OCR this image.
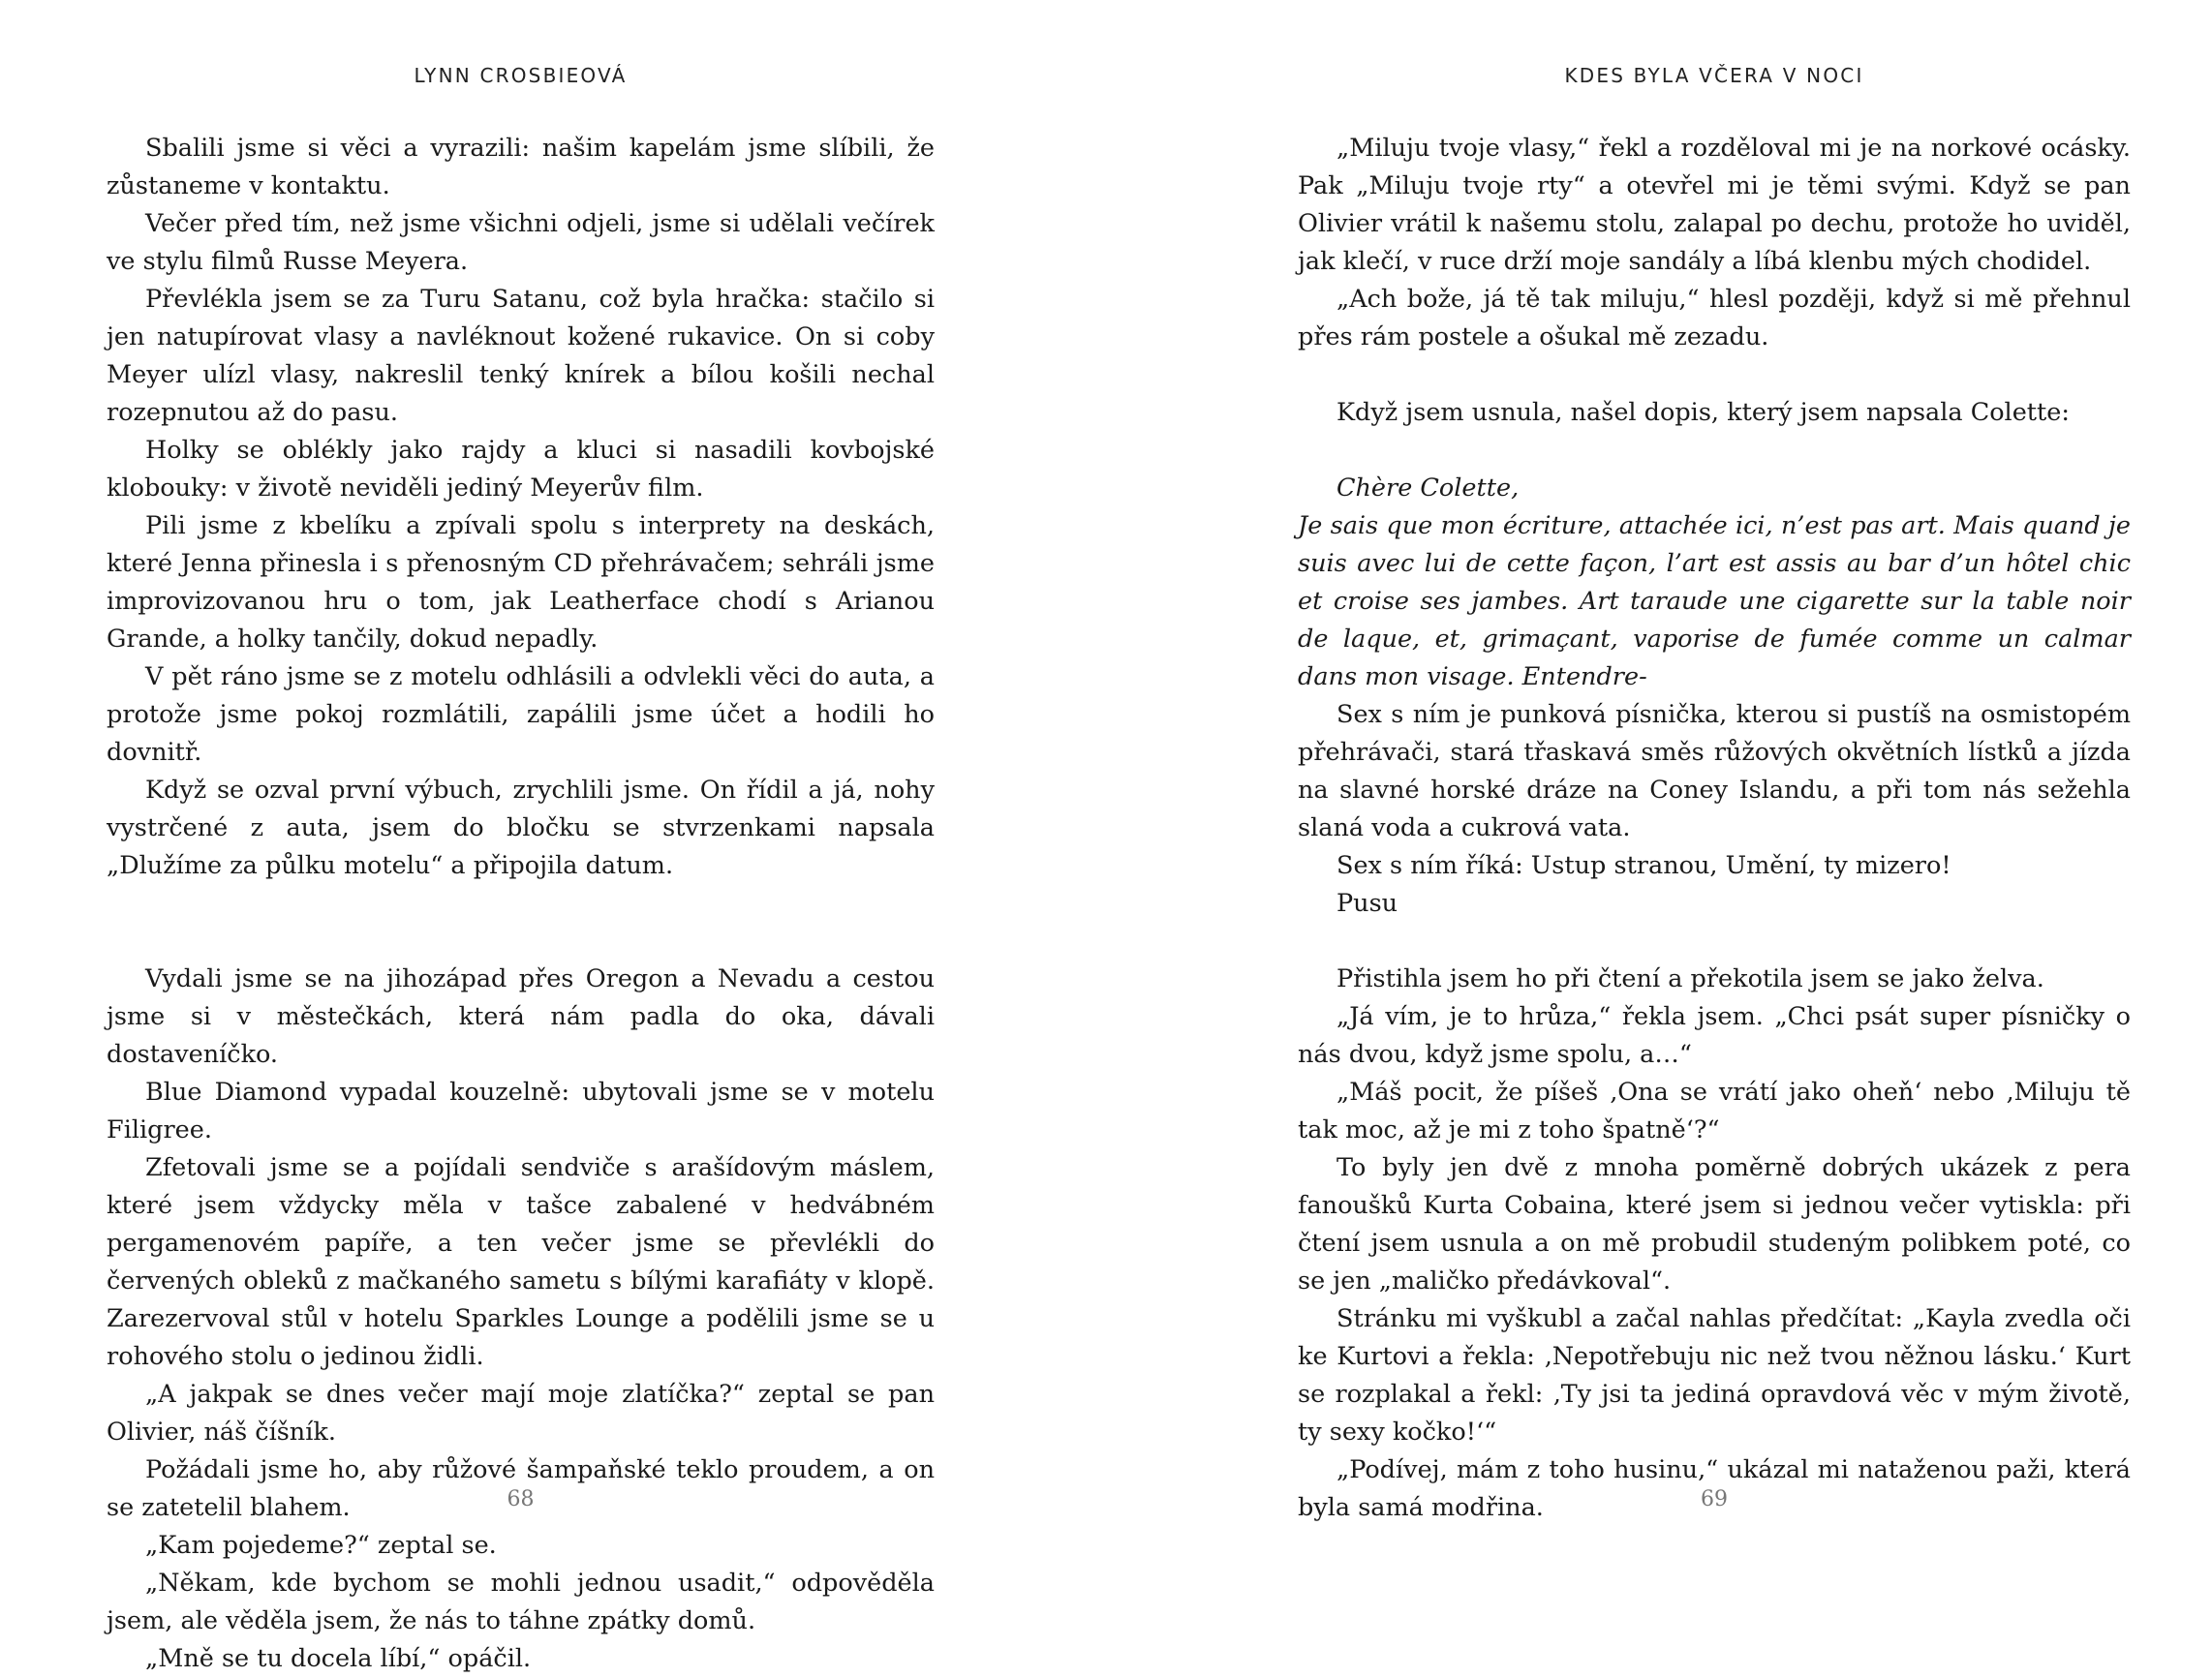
LYNN CROSBIEOVÁ

Sbalili jsme si věci a vyrazili: našim kapelám jsme slíbili, že zůstaneme v kontaktu.

Večer před tím, než jsme všichni odjeli, jsme si udělali večírek ve stylu filmů Russe Meyera.

Převlékla jsem se za Turu Satanu, což byla hračka: stačilo si jen natupírovat vlasy a navléknout kožené rukavice. On si coby Meyer ulízl vlasy, nakreslil tenký knírek a bílou košili nechal rozepnutou až do pasu.

Holky se oblékly jako rajdy a kluci si nasadili kovbojské klobouky: v životě neviděli jediný Meyerův film.

Pili jsme z kbelíku a zpívali spolu s interprety na deskách, které Jenna přinesla i s přenosným CD přehrávačem; sehráli jsme improvizovanou hru o tom, jak Leatherface chodí s Arianou Grande, a holky tančily, dokud nepadly.

V pět ráno jsme se z motelu odhlásili a odvlekli věci do auta, a protože jsme pokoj rozmlátili, zapálili jsme účet a hodili ho dovnitř.

Když se ozval první výbuch, zrychlili jsme. On řídil a já, nohy vystrčené z auta, jsem do bločku se stvrzenkami napsala „Dlužíme za půlku motelu“ a připojila datum.

Vydali jsme se na jihozápad přes Oregon a Nevadu a cestou jsme si v městečkách, která nám padla do oka, dávali dostaveníčko.

Blue Diamond vypadal kouzelně: ubytovali jsme se v motelu Filigree.

Zfetovali jsme se a pojídali sendviče s arašídovým máslem, které jsem vždycky měla v tašce zabalené v hedvábném pergamenovém papíře, a ten večer jsme se převlékli do červených obleků z mačkaného sametu s bílými karafiáty v klopě. Zarezervoval stůl v hotelu Sparkles Lounge a podělili jsme se u rohového stolu o jedinou židli.

„A jakpak se dnes večer mají moje zlatíčka?“ zeptal se pan Olivier, náš číšník.

Požádali jsme ho, aby růžové šampaňské teklo proudem, a on se zatetelil blahem.

„Kam pojedeme?“ zeptal se.

„Někam, kde bychom se mohli jednou usadit,“ odpověděla jsem, ale věděla jsem, že nás to táhne zpátky domů.

„Mně se tu docela líbí,“ opáčil.

68
KDES BYLA VČERA V NOCI

„Miluju tvoje vlasy,“ řekl a rozděloval mi je na norkové ocásky. Pak „Miluju tvoje rty“ a otevřel mi je těmi svými. Když se pan Olivier vrátil k našemu stolu, zalapal po dechu, protože ho uviděl, jak klečí, v ruce drží moje sandály a líbá klenbu mých chodidel.

„Ach bože, já tě tak miluju,“ hlesl později, když si mě přehnul přes rám postele a ošukal mě zezadu.

Když jsem usnula, našel dopis, který jsem napsala Colette:

Chère Colette,

Je sais que mon écriture, attachée ici, n’est pas art. Mais quand je suis avec lui de cette façon, l’art est assis au bar d’un hôtel chic et croise ses jambes. Art taraude une cigarette sur la table noir de laque, et, grimaçant, vaporise de fumée comme un calmar dans mon visage. Entendre-

Sex s ním je punková písnička, kterou si pustíš na osmistopém přehrávači, stará třaskavá směs růžových okvětních lístků a jízda na slavné horské dráze na Coney Islandu, a při tom nás sežehla slaná voda a cukrová vata.

Sex s ním říká: Ustup stranou, Umění, ty mizero!

Pusu

Přistihla jsem ho při čtení a překotila jsem se jako želva.

„Já vím, je to hrůza,“ řekla jsem. „Chci psát super písničky o nás dvou, když jsme spolu, a…“

„Máš pocit, že píšeš ‚Ona se vrátí jako oheň‘ nebo ‚Miluju tě tak moc, až je mi z toho špatně‘?“

To byly jen dvě z mnoha poměrně dobrých ukázek z pera fanoušků Kurta Cobaina, které jsem si jednou večer vytiskla: při čtení jsem usnula a on mě probudil studeným polibkem poté, co se jen „maličko předávkoval“.

Stránku mi vyškubl a začal nahlas předčítat: „Kayla zvedla oči ke Kurtovi a řekla: ‚Nepotřebuju nic než tvou něžnou lásku.‘ Kurt se rozplakal a řekl: ‚Ty jsi ta jediná opravdová věc v mým životě, ty sexy kočko!‘“

„Podívej, mám z toho husinu,“ ukázal mi nataženou paži, která byla samá modřina.	69
